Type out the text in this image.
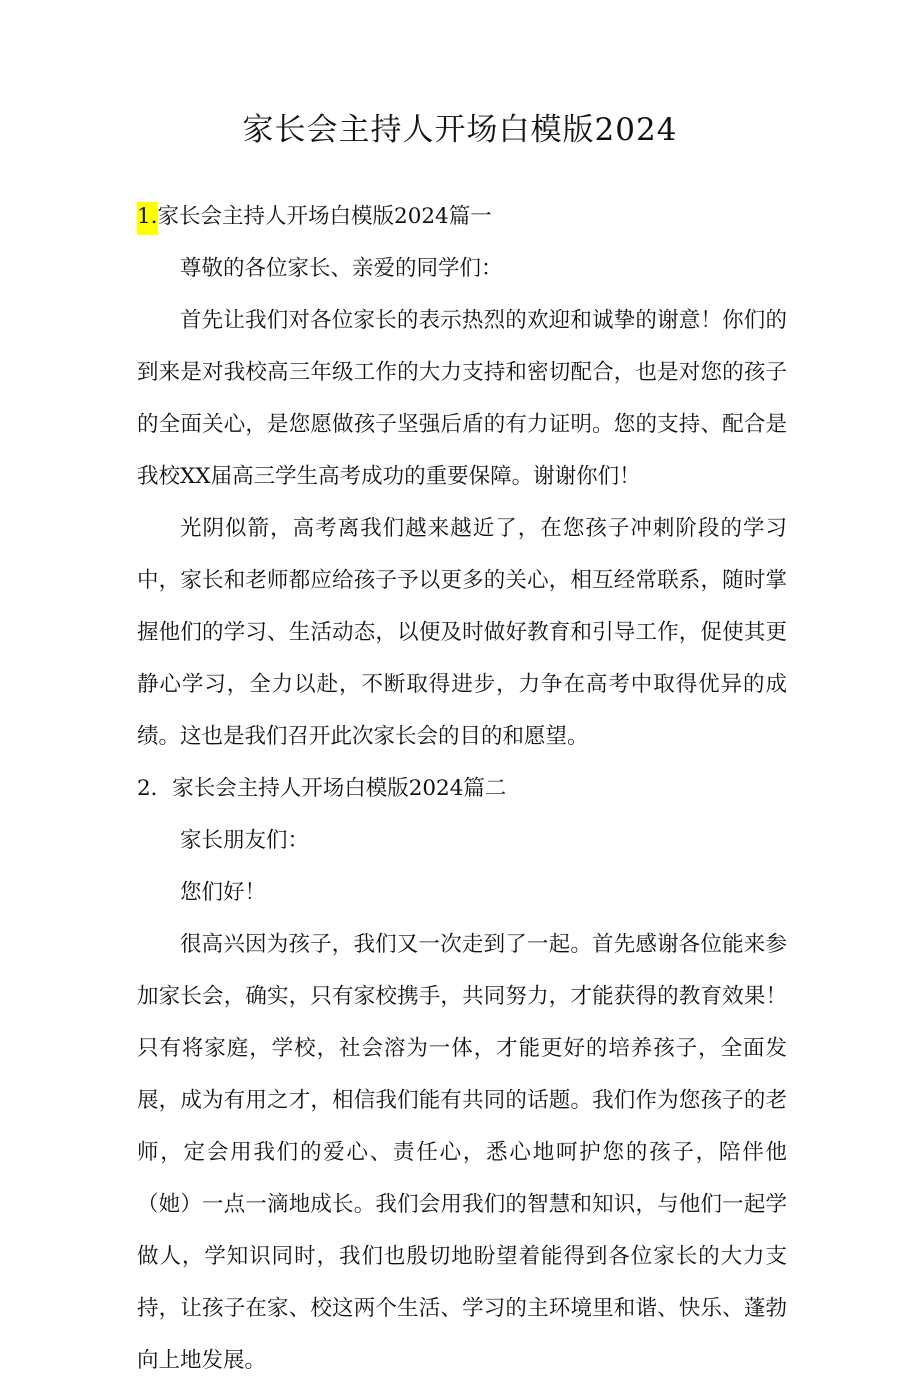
家长会主持人开场白模版2024

1.家长会主持人开场白模版2024篇一

尊敬的各位家长、亲爱的同学们：

首先让我们对各位家长的表示热烈的欢迎和诚挚的谢意！你们的到来是对我校高三年级工作的大力支持和密切配合，也是对您的孩子的全面关心，是您愿做孩子坚强后盾的有力证明。您的支持、配合是我校XX届高三学生高考成功的重要保障。谢谢你们！

光阴似箭，高考离我们越来越近了，在您孩子冲刺阶段的学习中，家长和老师都应给孩子予以更多的关心，相互经常联系，随时掌握他们的学习、生活动态，以便及时做好教育和引导工作，促使其更静心学习，全力以赴，不断取得进步，力争在高考中取得优异的成绩。这也是我们召开此次家长会的目的和愿望。

2．家长会主持人开场白模版2024篇二

家长朋友们：

您们好！

很高兴因为孩子，我们又一次走到了一起。首先感谢各位能来参加家长会，确实，只有家校携手，共同努力，才能获得的教育效果！只有将家庭，学校，社会溶为一体，才能更好的培养孩子，全面发展，成为有用之才，相信我们能有共同的话题。我们作为您孩子的老师，定会用我们的爱心、责任心，悉心地呵护您的孩子，陪伴他（她）一点一滴地成长。我们会用我们的智慧和知识，与他们一起学做人，学知识同时，我们也殷切地盼望着能得到各位家长的大力支持，让孩子在家、校这两个生活、学习的主环境里和谐、快乐、蓬勃向上地发展。
